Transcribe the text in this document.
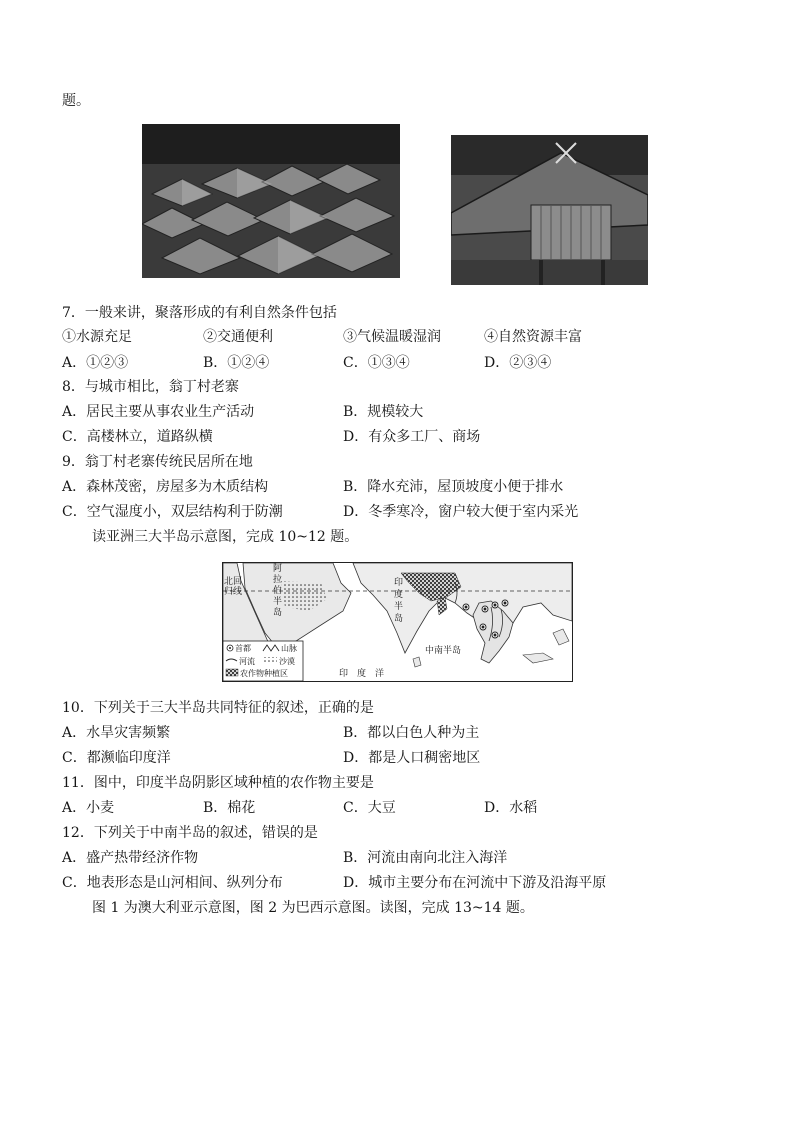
题。
7．一般来讲，聚落形成的有利自然条件包括
①水源充足	②交通便利	③气候温暖湿润	④自然资源丰富
A．①②③	B．①②④	C．①③④	D．②③④
8．与城市相比，翁丁村老寨
A．居民主要从事农业生产活动	B．规模较大
C．高楼林立，道路纵横	D．有众多工厂、商场
9．翁丁村老寨传统民居所在地
A．森林茂密，房屋多为木质结构	B．降水充沛，屋顶坡度小便于排水
C．空气湿度小，双层结构利于防潮	D．冬季寒冷，窗户较大便于室内采光
读亚洲三大半岛示意图，完成 10~12 题。
北回
归线
阿
拉
伯
半
岛
印
度
半
岛
中南半岛
印　度　洋
首都	山脉
河流	沙漠
农作物种植区
10．下列关于三大半岛共同特征的叙述，正确的是
A．水旱灾害频繁	B．都以白色人种为主
C．都濒临印度洋	D．都是人口稠密地区
11．图中，印度半岛阴影区域种植的农作物主要是
A．小麦	B．棉花	C．大豆	D．水稻
12．下列关于中南半岛的叙述，错误的是
A．盛产热带经济作物	B．河流由南向北注入海洋
C．地表形态是山河相间、纵列分布	D．城市主要分布在河流中下游及沿海平原
图 1 为澳大利亚示意图，图 2 为巴西示意图。读图，完成 13~14 题。
